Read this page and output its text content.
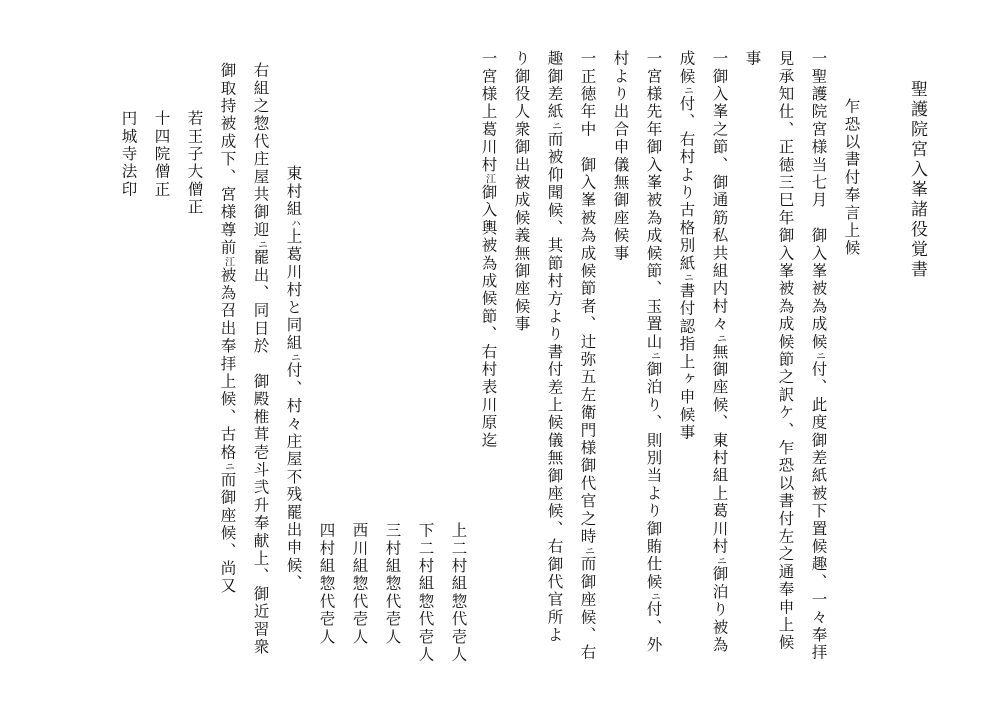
聖護院宮入峯諸役覚書
乍恐以書付奉言上候
一聖護院宮様当七月　御入峯被為成候ニ付、此度御差紙被下置候趣、一々奉拝
見承知仕、正徳三巳年御入峯被為成候節之訳ケ、乍恐以書付左之通奉申上候
事
一御入峯之節、御通筋私共組内村々ニ無御座候、東村組上葛川村ニ御泊り被為
成候ニ付、右村より古格別紙ニ書付認指上ヶ申候事
一宮様先年御入峯被為成候節、玉置山ニ御泊り、則別当より御賄仕候ニ付、外
村より出合申儀無御座候事
一正徳年中　御入峯被為成候節者、辻弥五左衛門様御代官之時ニ而御座候、右
趣御差紙ニ而被仰聞候、其節村方より書付差上候儀無御座候、右御代官所よ
り御役人衆御出被成候義無御座候事
一宮様上葛川村江御入輿被為成候節、右村表川原迄
上二村組惣代壱人
下二村組惣代壱人
三村組惣代壱人
西川組惣代壱人
四村組惣代壱人
東村組ハ上葛川村と同組ニ付、村々庄屋不残罷出申候、
右組之惣代庄屋共御迎ニ罷出、同日於　御殿椎茸壱斗弐升奉献上、御近習衆
御取持被成下、宮様尊前江被為召出奉拝上候、古格ニ而御座候、尚又
若王子大僧正
十四院僧正
円城寺法印
